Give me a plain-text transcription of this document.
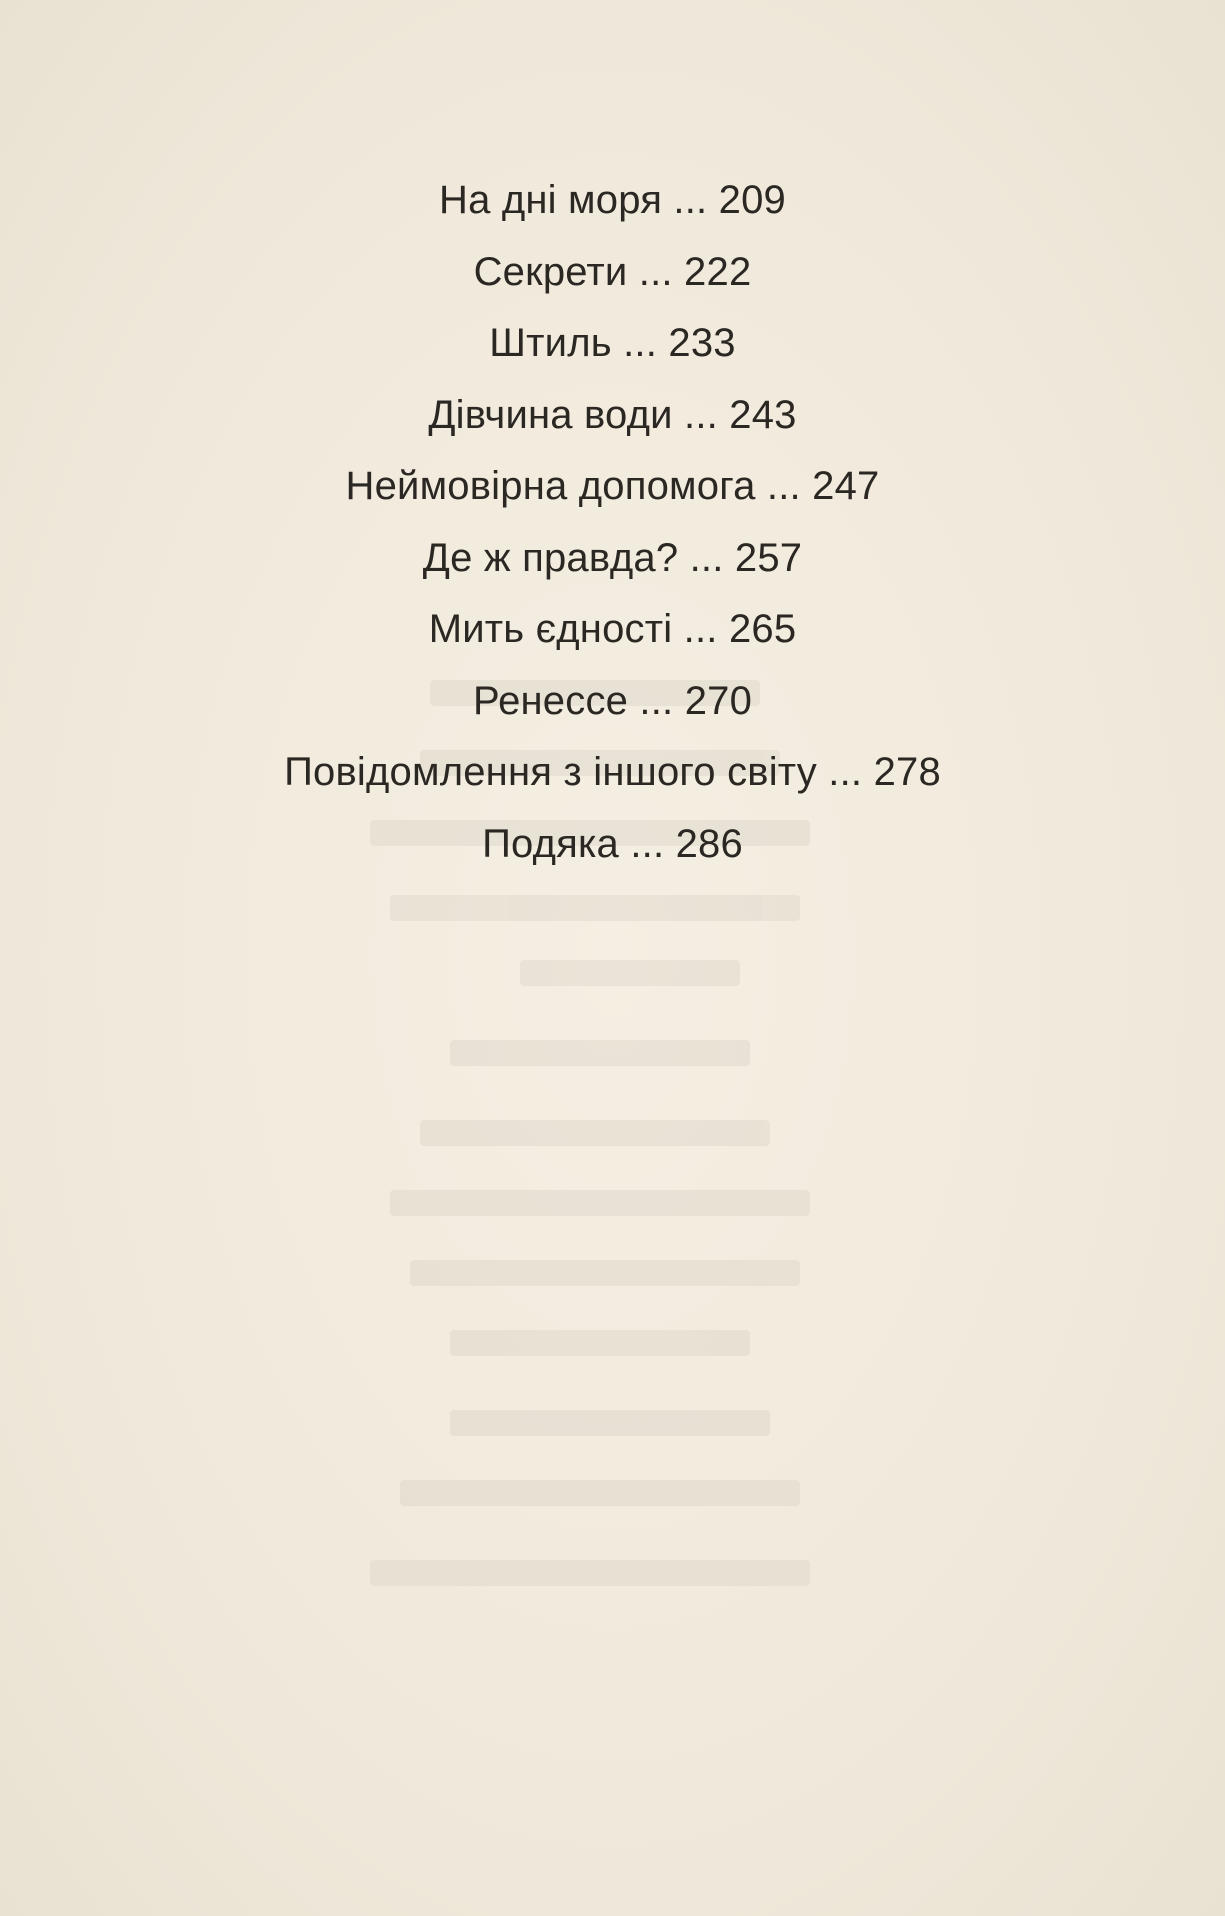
На дні моря ... 209
Секрети ... 222
Штиль ... 233
Дівчина води ... 243
Неймовірна допомога ... 247
Де ж правда? ... 257
Мить єдності ... 265
Ренессе ... 270
Повідомлення з іншого світу ... 278
Подяка ... 286
